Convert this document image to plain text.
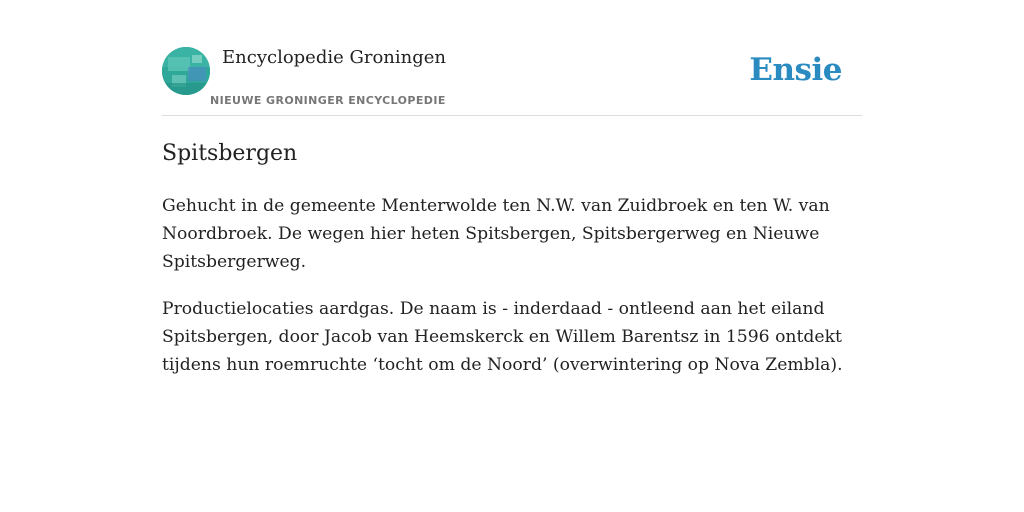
Encyclopedie Groningen
NIEUWE GRONINGER ENCYCLOPEDIE
Ensie
Spitsbergen

Gehucht in de gemeente Menterwolde ten N.W. van Zuidbroek en ten W. van Noordbroek. De wegen hier heten Spitsbergen, Spitsbergerweg en Nieuwe Spitsbergerweg.

Productielocaties aardgas. De naam is - inderdaad - ontleend aan het eiland Spitsbergen, door Jacob van Heemskerck en Willem Barentsz in 1596 ontdekt tijdens hun roemruchte ‘tocht om de Noord’ (overwintering op Nova Zembla).
